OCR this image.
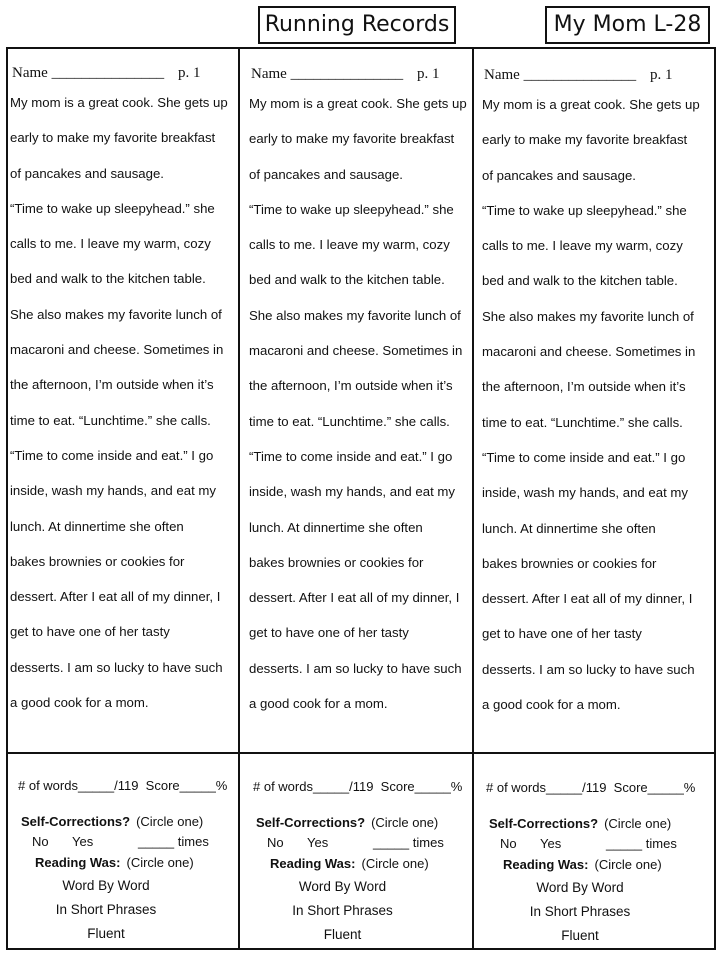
Running Records	My Mom L-28
Name _______________ p. 1
My mom is a great cook. She gets up
early to make my favorite breakfast
of pancakes and sausage.
“Time to wake up sleepyhead.” she
calls to me. I leave my warm, cozy
bed and walk to the kitchen table.
She also makes my favorite lunch of
macaroni and cheese. Sometimes in
the afternoon, I’m outside when it’s
time to eat. “Lunchtime.” she calls.
“Time to come inside and eat.” I go
inside, wash my hands, and eat my
lunch. At dinnertime she often
bakes brownies or cookies for
dessert. After I eat all of my dinner, I
get to have one of her tasty
desserts. I am so lucky to have such
a good cook for a mom.
# of words_____/119  Score_____%
Self-Corrections? (Circle one)
No Yes	_____ times
Reading Was: (Circle one)
Word By Word
In Short Phrases
Fluent
Name _______________ p. 1
My mom is a great cook. She gets up
early to make my favorite breakfast
of pancakes and sausage.
“Time to wake up sleepyhead.” she
calls to me. I leave my warm, cozy
bed and walk to the kitchen table.
She also makes my favorite lunch of
macaroni and cheese. Sometimes in
the afternoon, I’m outside when it’s
time to eat. “Lunchtime.” she calls.
“Time to come inside and eat.” I go
inside, wash my hands, and eat my
lunch. At dinnertime she often
bakes brownies or cookies for
dessert. After I eat all of my dinner, I
get to have one of her tasty
desserts. I am so lucky to have such
a good cook for a mom.
# of words_____/119  Score_____%
Self-Corrections? (Circle one)
No Yes	_____ times
Reading Was: (Circle one)
Word By Word
In Short Phrases
Fluent
Name _______________ p. 1
My mom is a great cook. She gets up
early to make my favorite breakfast
of pancakes and sausage.
“Time to wake up sleepyhead.” she
calls to me. I leave my warm, cozy
bed and walk to the kitchen table.
She also makes my favorite lunch of
macaroni and cheese. Sometimes in
the afternoon, I’m outside when it’s
time to eat. “Lunchtime.” she calls.
“Time to come inside and eat.” I go
inside, wash my hands, and eat my
lunch. At dinnertime she often
bakes brownies or cookies for
dessert. After I eat all of my dinner, I
get to have one of her tasty
desserts. I am so lucky to have such
a good cook for a mom.
# of words_____/119  Score_____%
Self-Corrections? (Circle one)
No Yes	_____ times
Reading Was: (Circle one)
Word By Word
In Short Phrases
Fluent
